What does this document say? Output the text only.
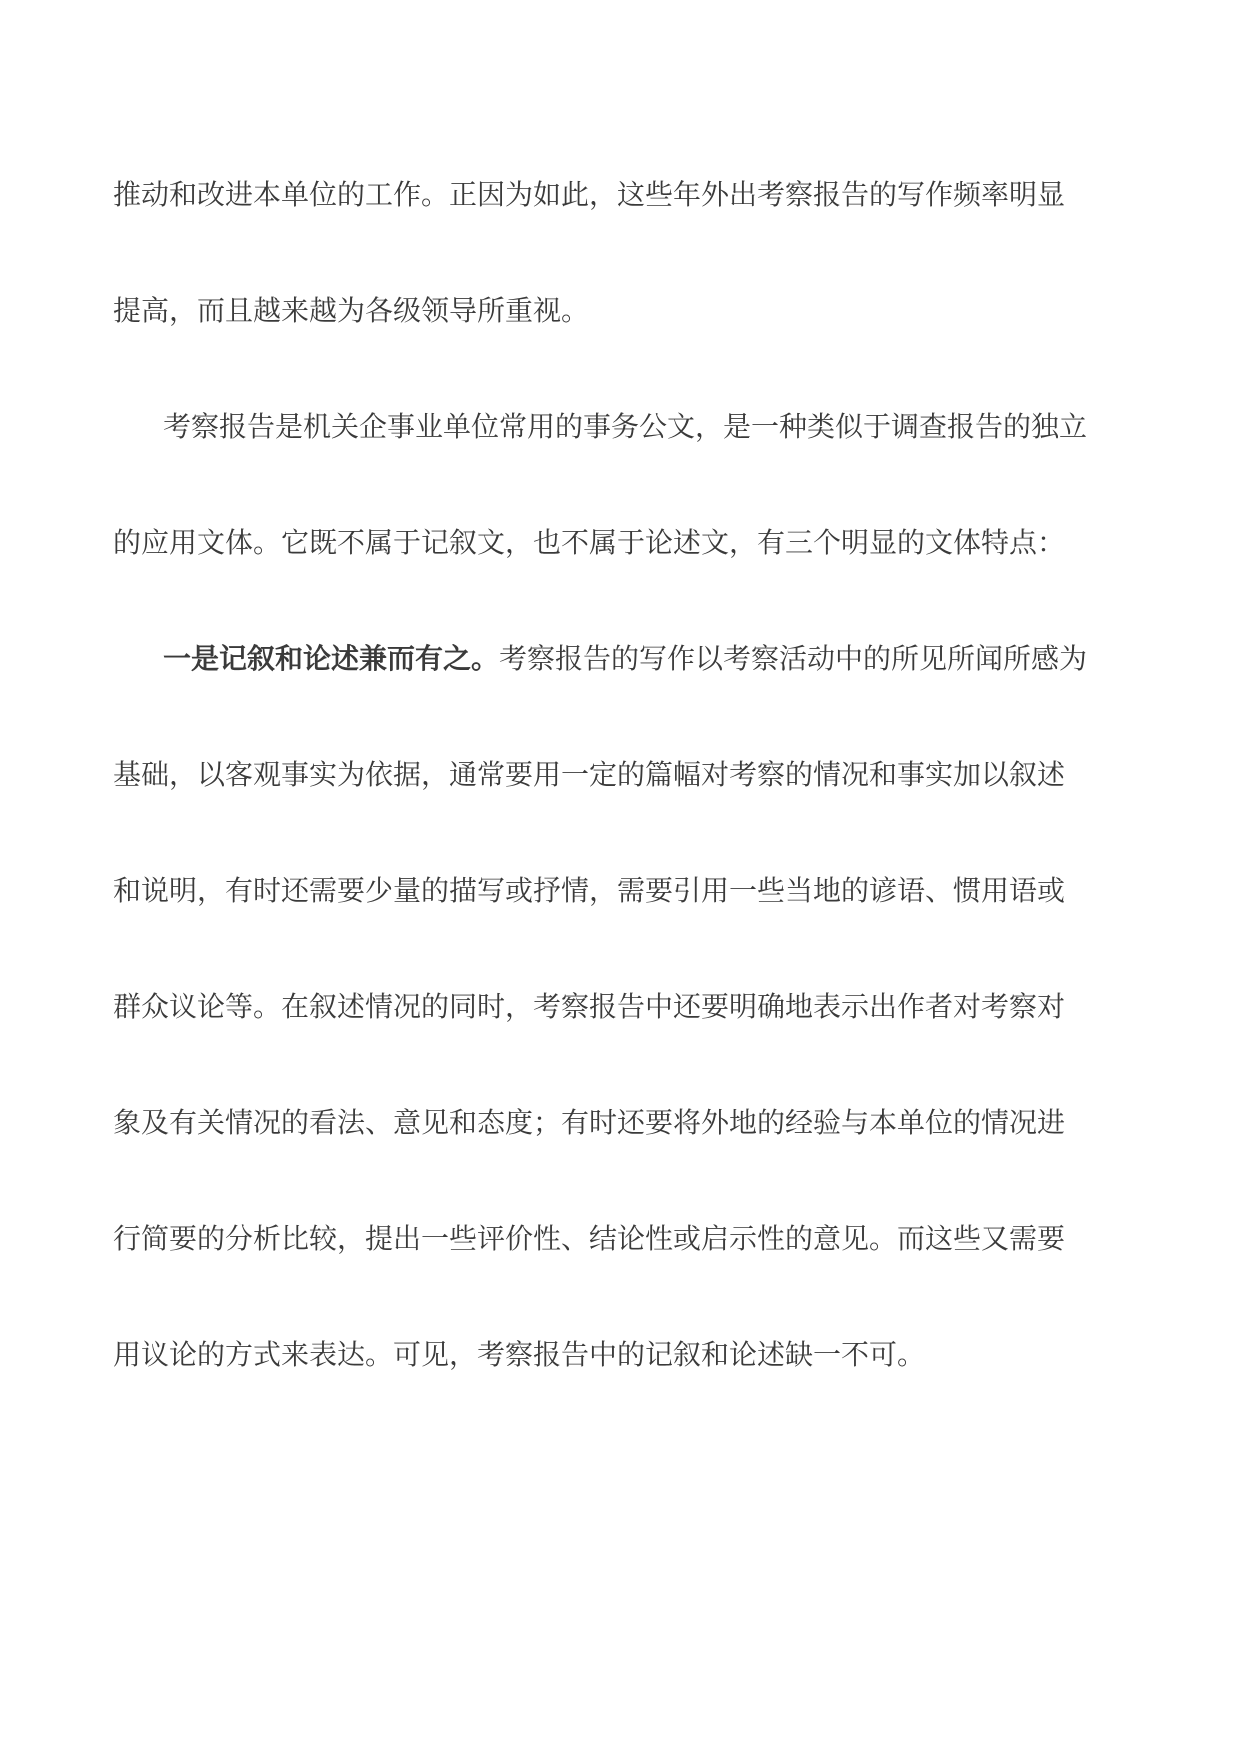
推动和改进本单位的工作。正因为如此，这些年外出考察报告的写作频率明显
提高，而且越来越为各级领导所重视。
考察报告是机关企事业单位常用的事务公文，是一种类似于调查报告的独立
的应用文体。它既不属于记叙文，也不属于论述文，有三个明显的文体特点：
一是记叙和论述兼而有之。考察报告的写作以考察活动中的所见所闻所感为
基础，以客观事实为依据，通常要用一定的篇幅对考察的情况和事实加以叙述
和说明，有时还需要少量的描写或抒情，需要引用一些当地的谚语、惯用语或
群众议论等。在叙述情况的同时，考察报告中还要明确地表示出作者对考察对
象及有关情况的看法、意见和态度；有时还要将外地的经验与本单位的情况进
行简要的分析比较，提出一些评价性、结论性或启示性的意见。而这些又需要
用议论的方式来表达。可见，考察报告中的记叙和论述缺一不可。
